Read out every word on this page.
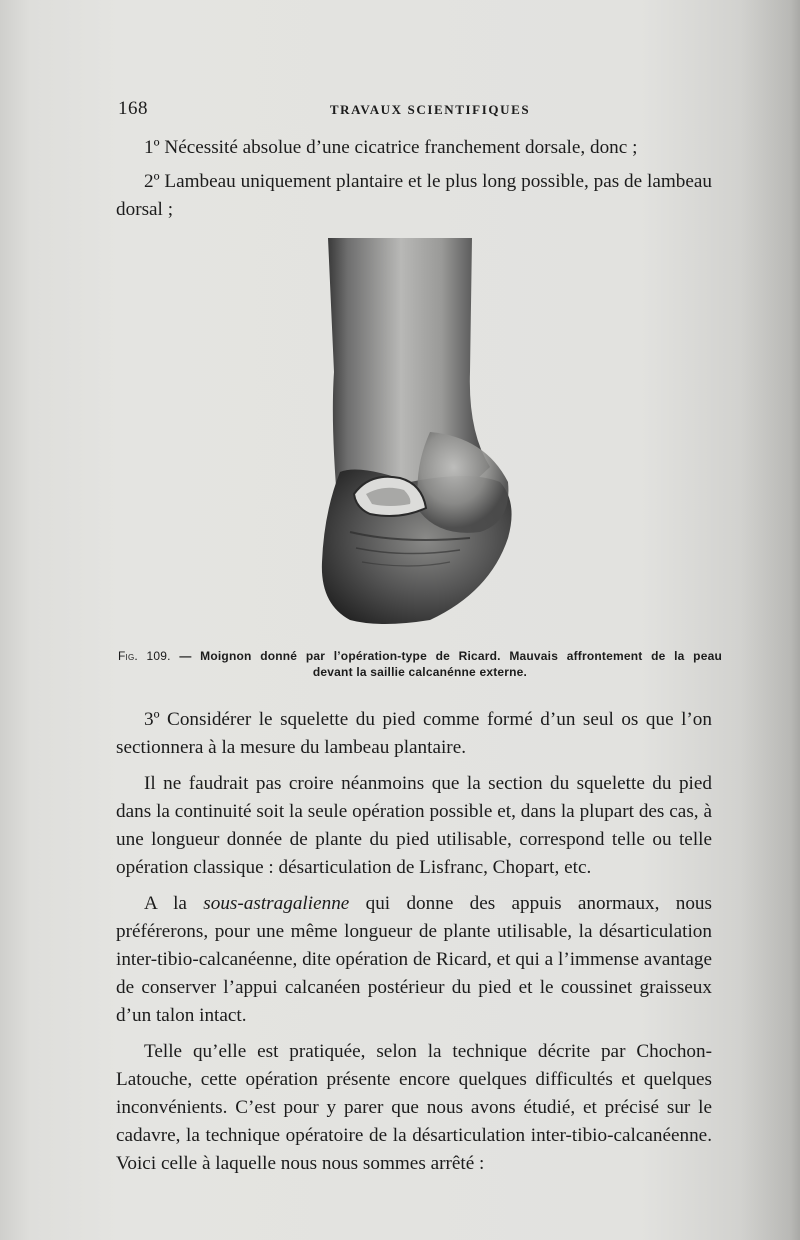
168	TRAVAUX SCIENTIFIQUES

1º Nécessité absolue d’une cicatrice franchement dorsale, donc ;

2º Lambeau uniquement plantaire et le plus long possible, pas de lambeau dorsal ;

Fig. 109. — Moignon donné par l’opération-type de Ricard. Mauvais affrontement de la peau
devant la saillie calcanénne externe.

3º Considérer le squelette du pied comme formé d’un seul os que l’on sectionnera à la mesure du lambeau plantaire.

Il ne faudrait pas croire néanmoins que la section du squelette du pied dans la continuité soit la seule opération possible et, dans la plupart des cas, à une longueur donnée de plante du pied utilisable, correspond telle ou telle opération classique : désarticulation de Lisfranc, Chopart, etc.

A la sous-astragalienne qui donne des appuis anormaux, nous préférerons, pour une même longueur de plante utilisable, la désarticulation inter-tibio-calcanéenne, dite opération de Ricard, et qui a l’immense avantage de conserver l’appui calcanéen postérieur du pied et le coussinet graisseux d’un talon intact.

Telle qu’elle est pratiquée, selon la technique décrite par Chochon-Latouche, cette opération présente encore quelques difficultés et quelques inconvénients. C’est pour y parer que nous avons étudié, et précisé sur le cadavre, la technique opératoire de la désarticulation inter-tibio-calcanéenne. Voici celle à laquelle nous nous sommes arrêté :
